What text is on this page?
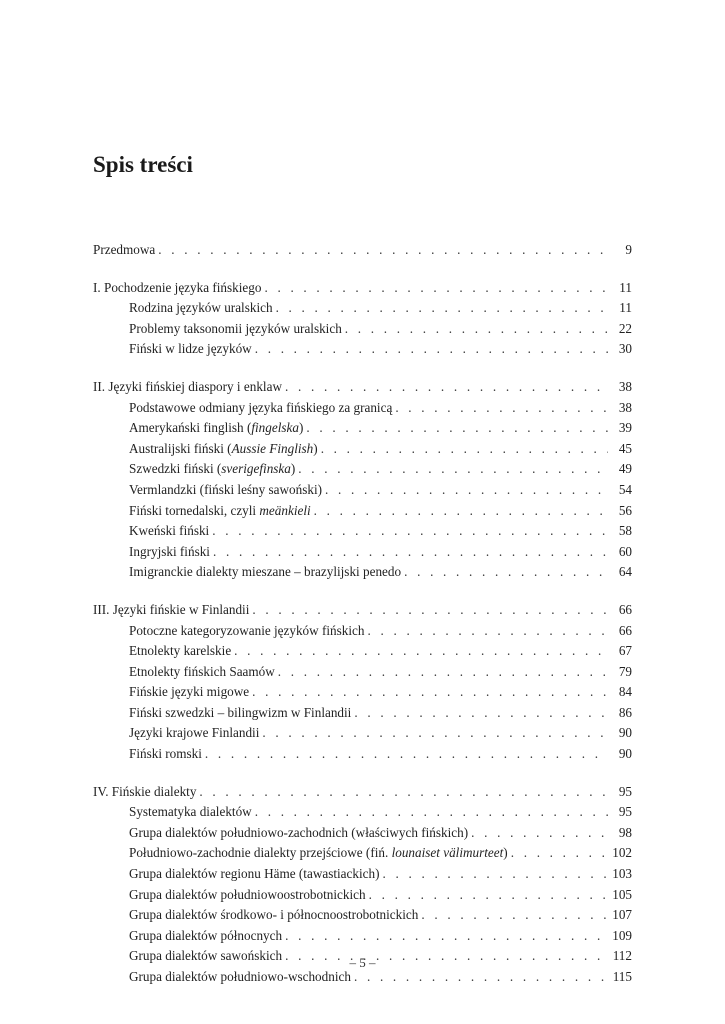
Spis treści
Przedmowa . . .	9
I. Pochodzenie języka fińskiego . . .	11
Rodzina języków uralskich . . .	11
Problemy taksonomii języków uralskich . . .	22
Fiński w lidze języków . . .	30
II. Języki fińskiej diaspory i enklaw . . .	38
Podstawowe odmiany języka fińskiego za granicą . . .	38
Amerykański finglish (fingelska) . . .	39
Australijski fiński (Aussie Finglish) . . .	45
Szwedzki fiński (sverigefinska) . . .	49
Vermlandzki (fiński leśny sawoński) . . .	54
Fiński tornedalski, czyli meänkieli . . .	56
Kweński fiński . . .	58
Ingryjski fiński . . .	60
Imigranckie dialekty mieszane – brazylijski penedo . . .	64
III. Języki fińskie w Finlandii . . .	66
Potoczne kategoryzowanie języków fińskich . . .	66
Etnolekty karelskie . . .	67
Etnolekty fińskich Saamów . . .	79
Fińskie języki migowe . . .	84
Fiński szwedzki – bilingwizm w Finlandii . . .	86
Języki krajowe Finlandii . . .	90
Fiński romski . . .	90
IV. Fińskie dialekty . . .	95
Systematyka dialektów . . .	95
Grupa dialektów południowo-zachodnich (właściwych fińskich) . . .	98
Południowo-zachodnie dialekty przejściowe (fiń. lounaiset välimurteet) . . .	102
Grupa dialektów regionu Häme (tawastiackich) . . .	103
Grupa dialektów południowoostrobotnickich . . .	105
Grupa dialektów środkowo- i północnoostrobotnickich . . .	107
Grupa dialektów północnych . . .	109
Grupa dialektów sawońskich . . .	112
Grupa dialektów południowo-wschodnich . . .	115
– 5 –
